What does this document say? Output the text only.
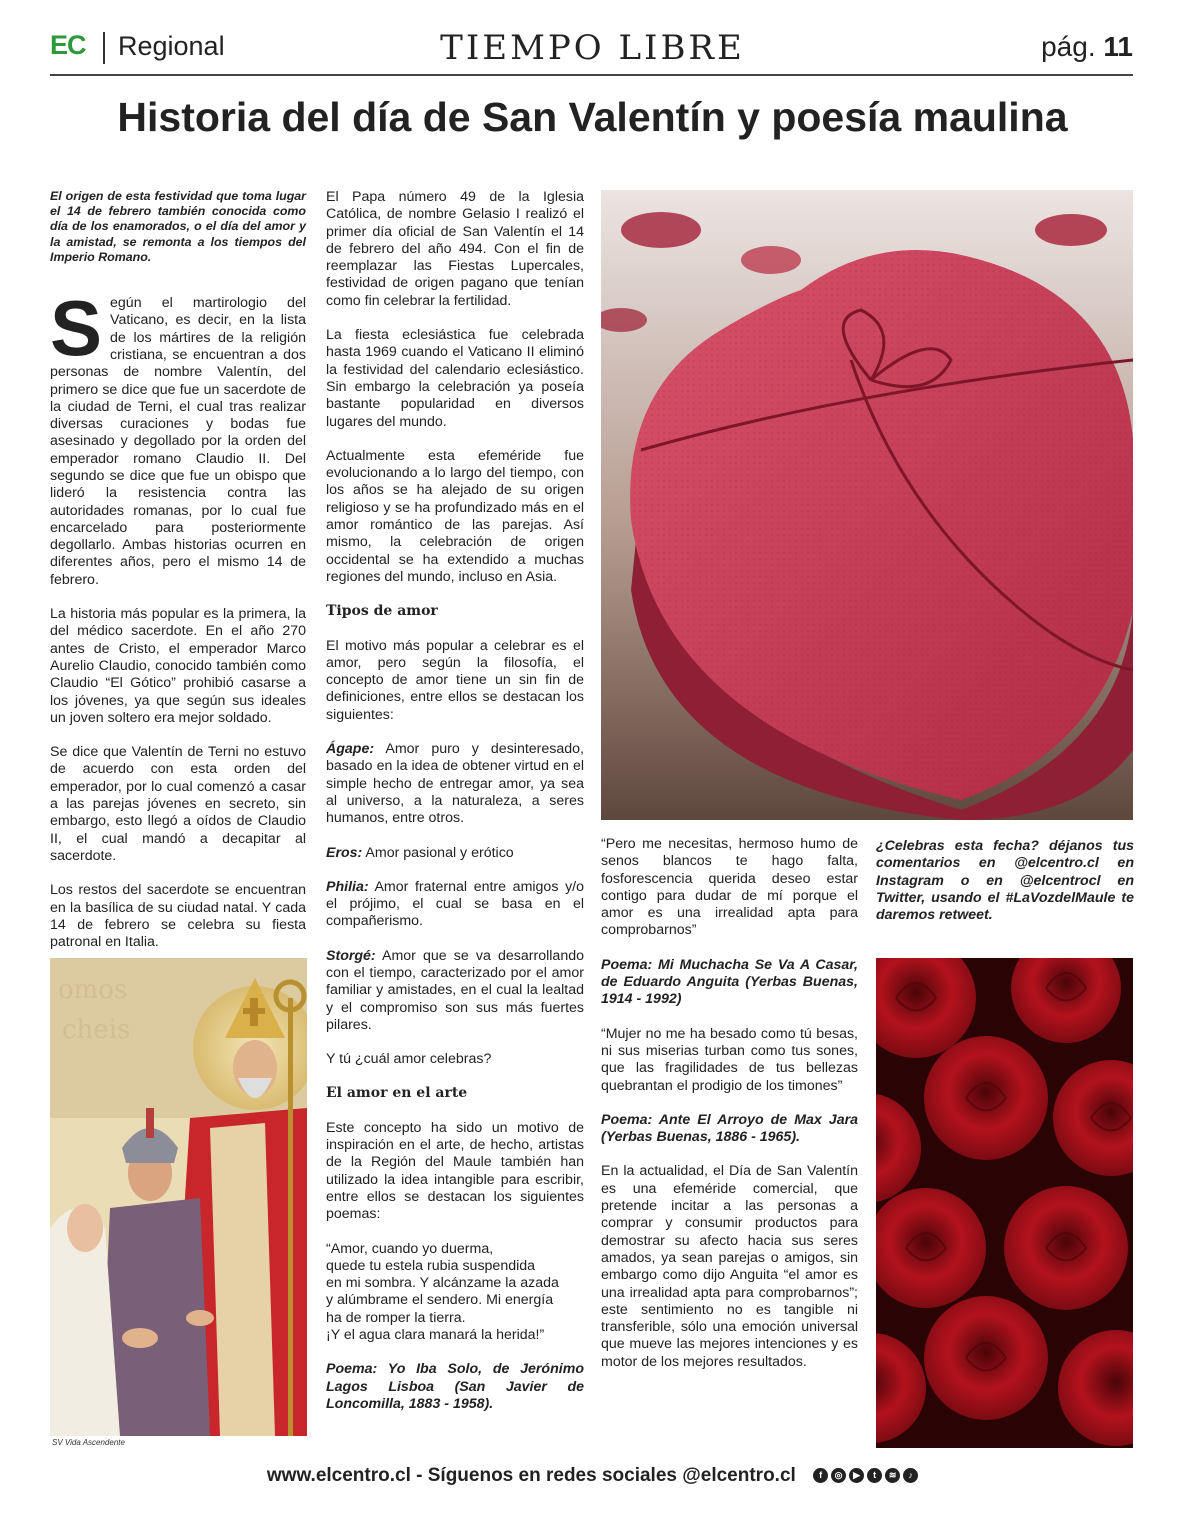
EC Regional	TIEMPO LIBRE	pág. 11
Historia del día de San Valentín y poesía maulina

El origen de esta festividad que toma lugar el 14 de febrero también conocida como día de los enamorados, o el día del amor y la amistad, se remonta a los tiempos del Imperio Romano.

Según el martirologio del Vaticano, es decir, en la lista de los mártires de la religión cristiana, se encuentran a dos personas de nombre Valentín, del primero se dice que fue un sacerdote de la ciudad de Terni, el cual tras realizar diversas curaciones y bodas fue asesinado y degollado por la orden del emperador romano Claudio II. Del segundo se dice que fue un obispo que lideró la resistencia contra las autoridades romanas, por lo cual fue encarcelado para posteriormente degollarlo. Ambas historias ocurren en diferentes años, pero el mismo 14 de febrero.

La historia más popular es la primera, la del médico sacerdote. En el año 270 antes de Cristo, el emperador Marco Aurelio Claudio, conocido también como Claudio “El Gótico” prohibió casarse a los jóvenes, ya que según sus ideales un joven soltero era mejor soldado.

Se dice que Valentín de Terni no estuvo de acuerdo con esta orden del emperador, por lo cual comenzó a casar a las parejas jóvenes en secreto, sin embargo, esto llegó a oídos de Claudio II, el cual mandó a decapitar al sacerdote.

Los restos del sacerdote se encuentran en la basílica de su ciudad natal. Y cada 14 de febrero se celebra su fiesta patronal en Italia.

omos
cheis
SV Vida Ascendente

El Papa número 49 de la Iglesia Católica, de nombre Gelasio I realizó el primer día oficial de San Valentín el 14 de febrero del año 494. Con el fin de reemplazar las Fiestas Lupercales, festividad de origen pagano que tenían como fin celebrar la fertilidad.

La fiesta eclesiástica fue celebrada hasta 1969 cuando el Vaticano II eliminó la festividad del calendario eclesiástico. Sin embargo la celebración ya poseía bastante popularidad en diversos lugares del mundo.

Actualmente esta efeméride fue evolucionando a lo largo del tiempo, con los años se ha alejado de su origen religioso y se ha profundizado más en el amor romántico de las parejas. Así mismo, la celebración de origen occidental se ha extendido a muchas regiones del mundo, incluso en Asia.

Tipos de amor

El motivo más popular a celebrar es el amor, pero según la filosofía, el concepto de amor tiene un sin fin de definiciones, entre ellos se destacan los siguientes:

Ágape: Amor puro y desinteresado, basado en la idea de obtener virtud en el simple hecho de entregar amor, ya sea al universo, a la naturaleza, a seres humanos, entre otros.

Eros: Amor pasional y erótico

Philia: Amor fraternal entre amigos y/o el prójimo, el cual se basa en el compañerismo.

Storgé: Amor que se va desarrollando con el tiempo, caracterizado por el amor familiar y amistades, en el cual la lealtad y el compromiso son sus más fuertes pilares.

Y tú ¿cuál amor celebras?

El amor en el arte

Este concepto ha sido un motivo de inspiración en el arte, de hecho, artistas de la Región del Maule también han utilizado la idea intangible para escribir, entre ellos se destacan los siguientes poemas:

“Amor, cuando yo duerma,
quede tu estela rubia suspendida
en mi sombra. Y alcánzame la azada
y alúmbrame el sendero. Mi energía
ha de romper la tierra.
¡Y el agua clara manará la herida!”

Poema: Yo Iba Solo, de Jerónimo Lagos Lisboa (San Javier de Loncomilla, 1883 - 1958).

“Pero me necesitas, hermoso humo de senos blancos te hago falta, fosforescencia querida deseo estar contigo para dudar de mí porque el amor es una irrealidad apta para comprobarnos”

Poema: Mi Muchacha Se Va A Casar, de Eduardo Anguita (Yerbas Buenas, 1914 - 1992)

“Mujer no me ha besado como tú besas, ni sus miserias turban como tus sones, que las fragilidades de tus bellezas quebrantan el prodigio de los timones”

Poema: Ante El Arroyo de Max Jara (Yerbas Buenas, 1886 - 1965).

En la actualidad, el Día de San Valentín es una efeméride comercial, que pretende incitar a las personas a comprar y consumir productos para demostrar su afecto hacia sus seres amados, ya sean parejas o amigos, sin embargo como dijo Anguita “el amor es una irrealidad apta para comprobarnos”; este sentimiento no es tangible ni transferible, sólo una emoción universal que mueve las mejores intenciones y es motor de los mejores resultados.

¿Celebras esta fecha? déjanos tus comentarios en @elcentro.cl en Instagram o en @elcentrocl en Twitter, usando el #LaVozdelMaule te daremos retweet.

www.elcentro.cl - Síguenos en redes sociales @elcentro.cl	f	◎	▶	t	≋	♪
